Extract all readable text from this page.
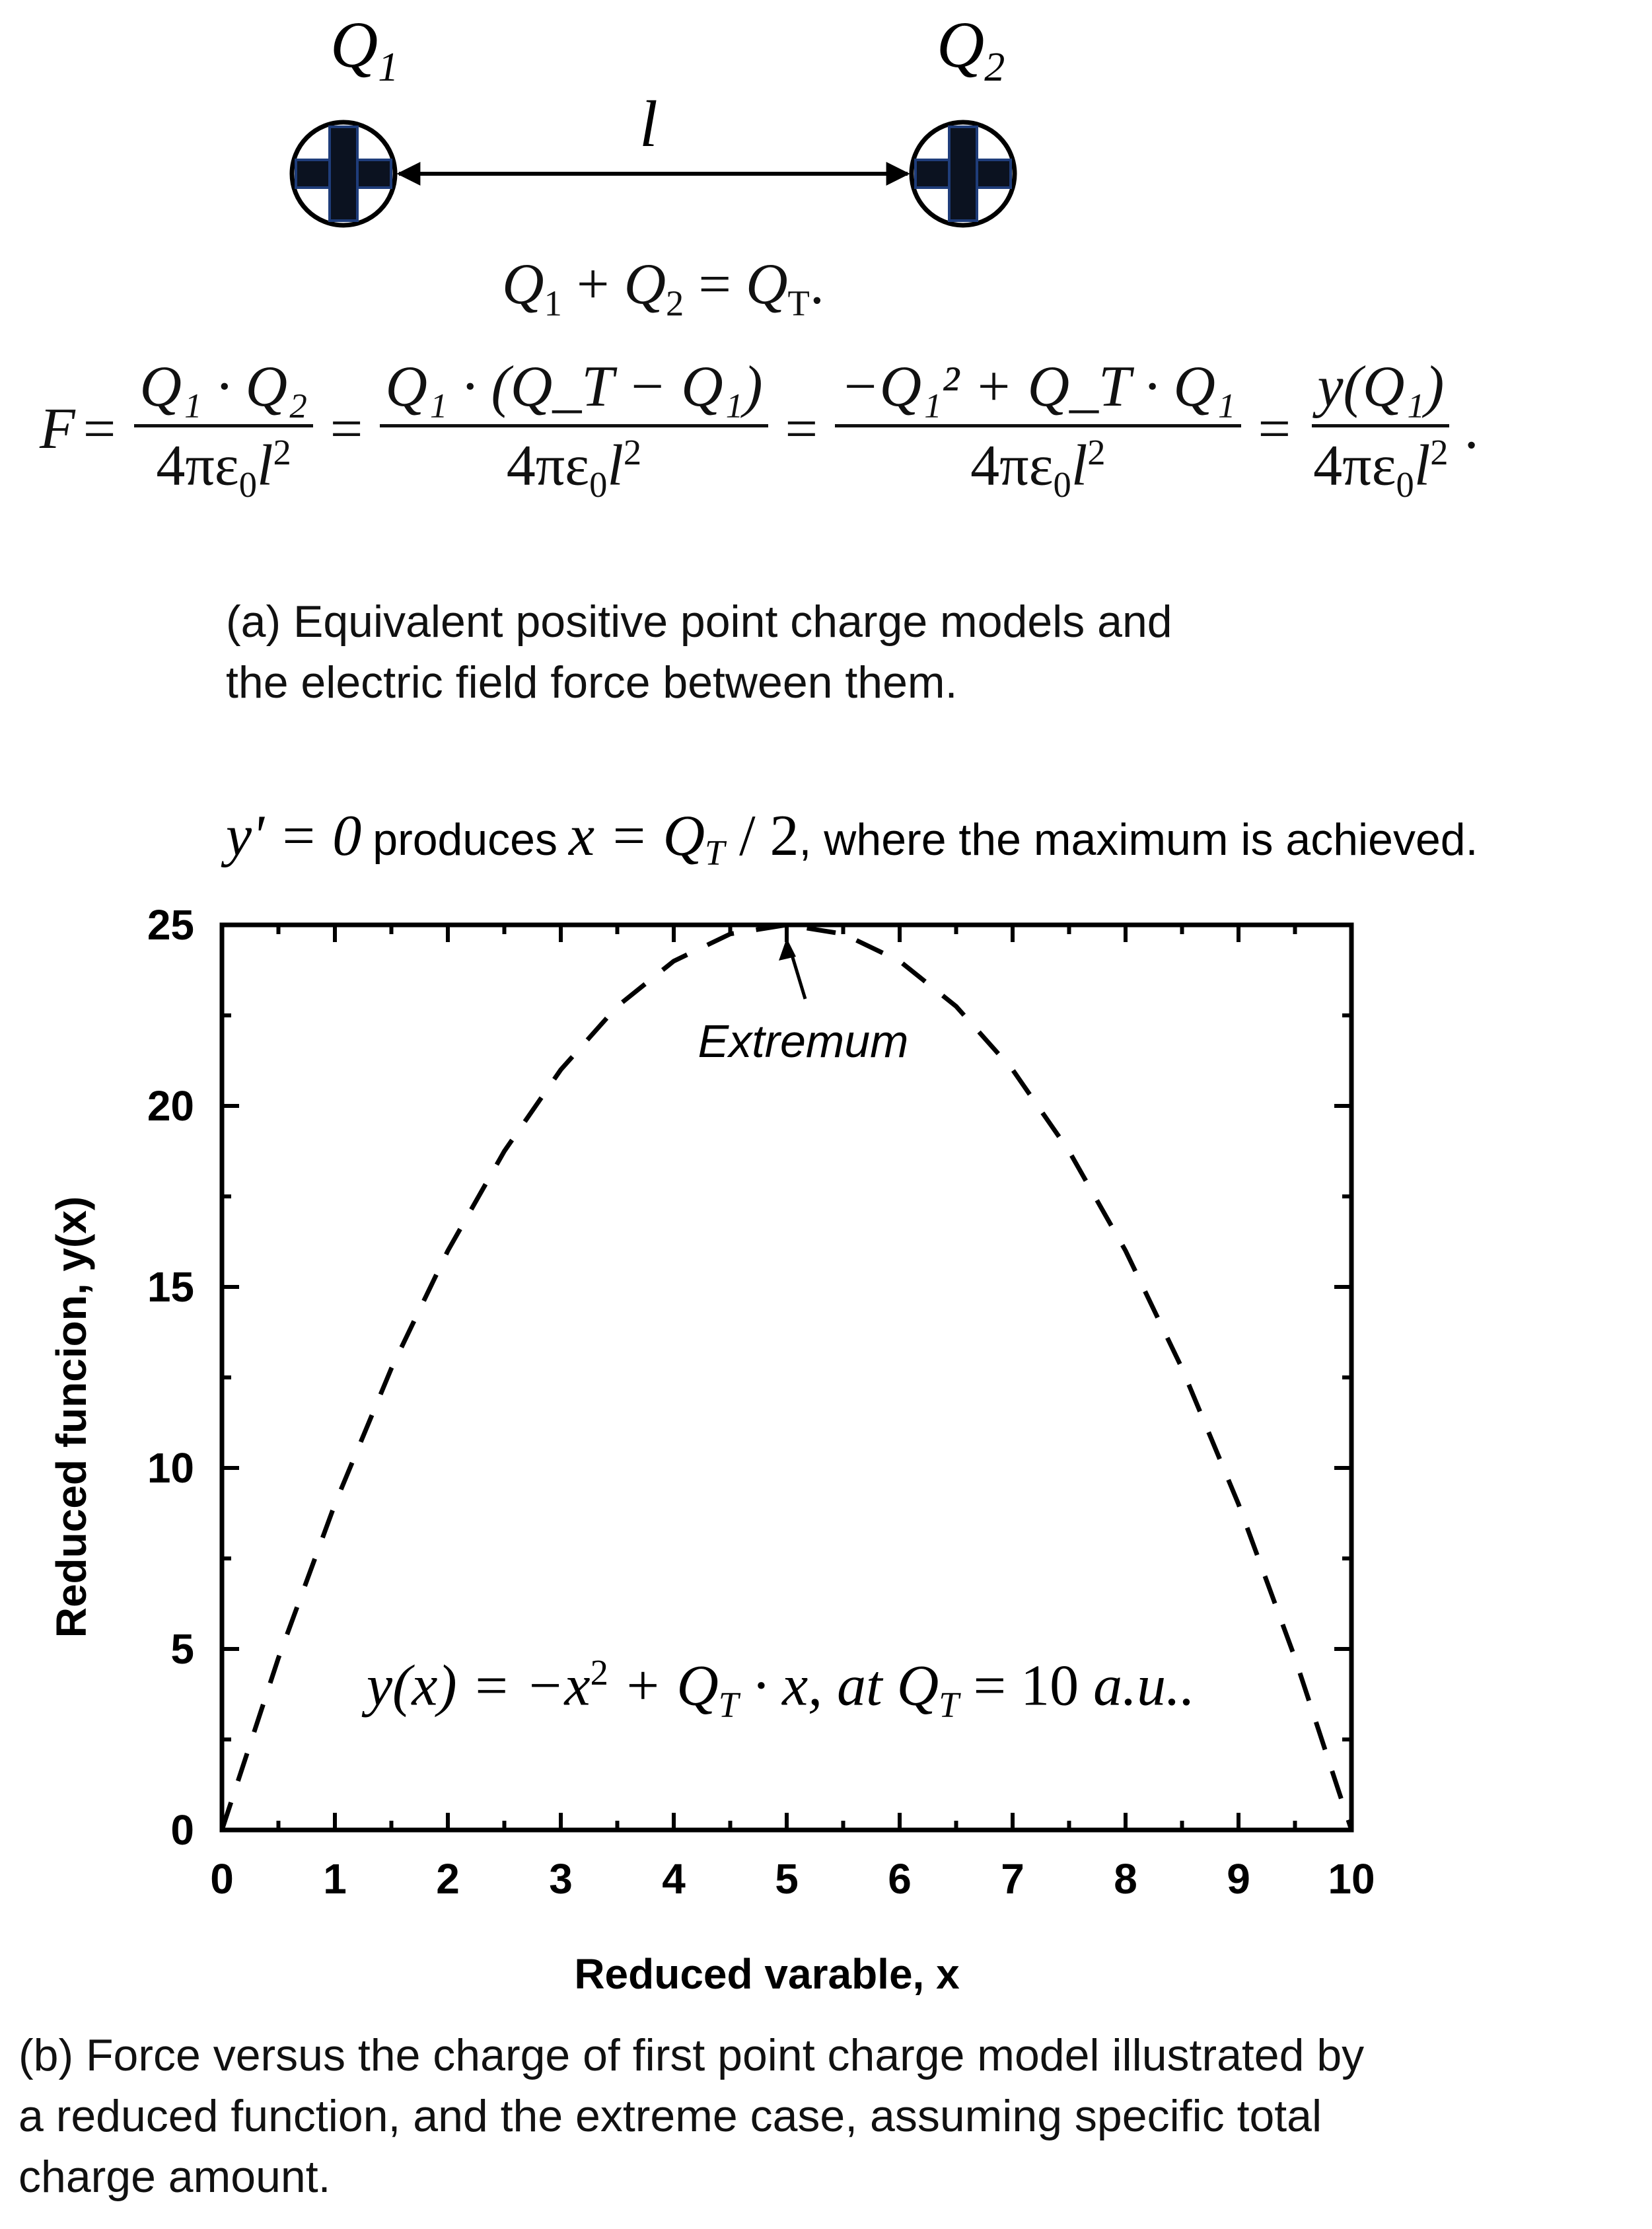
$Q_1$	$Q_2$
l
$Q_1 + Q_2 = Q_T$.
$F = \frac{\text{Q₁ · Q₂}}{4\pi\varepsilon_0l^2} = \frac{\text{Q₁ · (Q\_T − Q₁)}}{4\pi\varepsilon_0l^2} = \frac{\text{−Q₁² + Q\_T · Q₁}}{4\pi\varepsilon_0l^2} = \frac{\text{y(Q₁)}}{4\pi\varepsilon_0l^2}$ .
(a) Equivalent positive point charge models and
the electric field force between them.
y' = 0 produces $x = Q_T / 2$, where the maximum is achieved.
0 1 2 3 4 5 6 7 8 9 10
0
5
10
15
20
25
Extremum
Reduced varable, x
Reduced funcion, y(x)
$y(x) = -x^2 + Q_T \cdot x$, at $Q_T = 10$ a.u..
(b) Force versus the charge of first point charge model illustrated by
a reduced function, and the extreme case, assuming specific total
charge amount.
